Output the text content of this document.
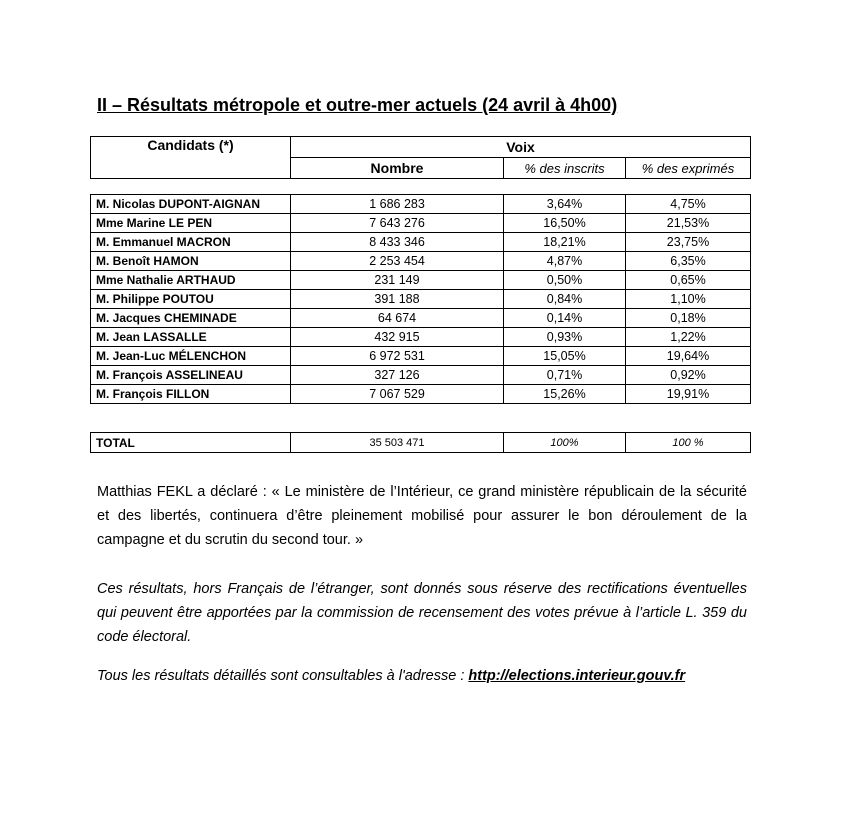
II – Résultats métropole et outre-mer actuels (24 avril à 4h00)
Candidats (*)	Voix		
	Nombre	% des inscrits	% des exprimés
M. Nicolas DUPONT-AIGNAN	1 686 283	3,64%	4,75%
Mme Marine LE PEN	7 643 276	16,50%	21,53%
M. Emmanuel MACRON	8 433 346	18,21%	23,75%
M. Benoît HAMON	2 253 454	4,87%	6,35%
Mme Nathalie ARTHAUD	231 149	0,50%	0,65%
M. Philippe POUTOU	391 188	0,84%	1,10%
M. Jacques CHEMINADE	64 674	0,14%	0,18%
M. Jean LASSALLE	432 915	0,93%	1,22%
M. Jean-Luc MÉLENCHON	6 972 531	15,05%	19,64%
M. François ASSELINEAU	327 126	0,71%	0,92%
M. François FILLON	7 067 529	15,26%	19,91%
TOTAL	35 503 471	100%	100 %
Matthias FEKL a déclaré : « Le ministère de l’Intérieur, ce grand ministère républicain de la sécurité et des libertés, continuera d’être pleinement mobilisé pour assurer le bon déroulement de la campagne et du scrutin du second tour. »
Ces résultats, hors Français de l’étranger, sont donnés sous réserve des rectifications éventuelles qui peuvent être apportées par la commission de recensement des votes prévue à l’article L. 359 du code électoral.
Tous les résultats détaillés sont consultables à l'adresse : http://elections.interieur.gouv.fr
